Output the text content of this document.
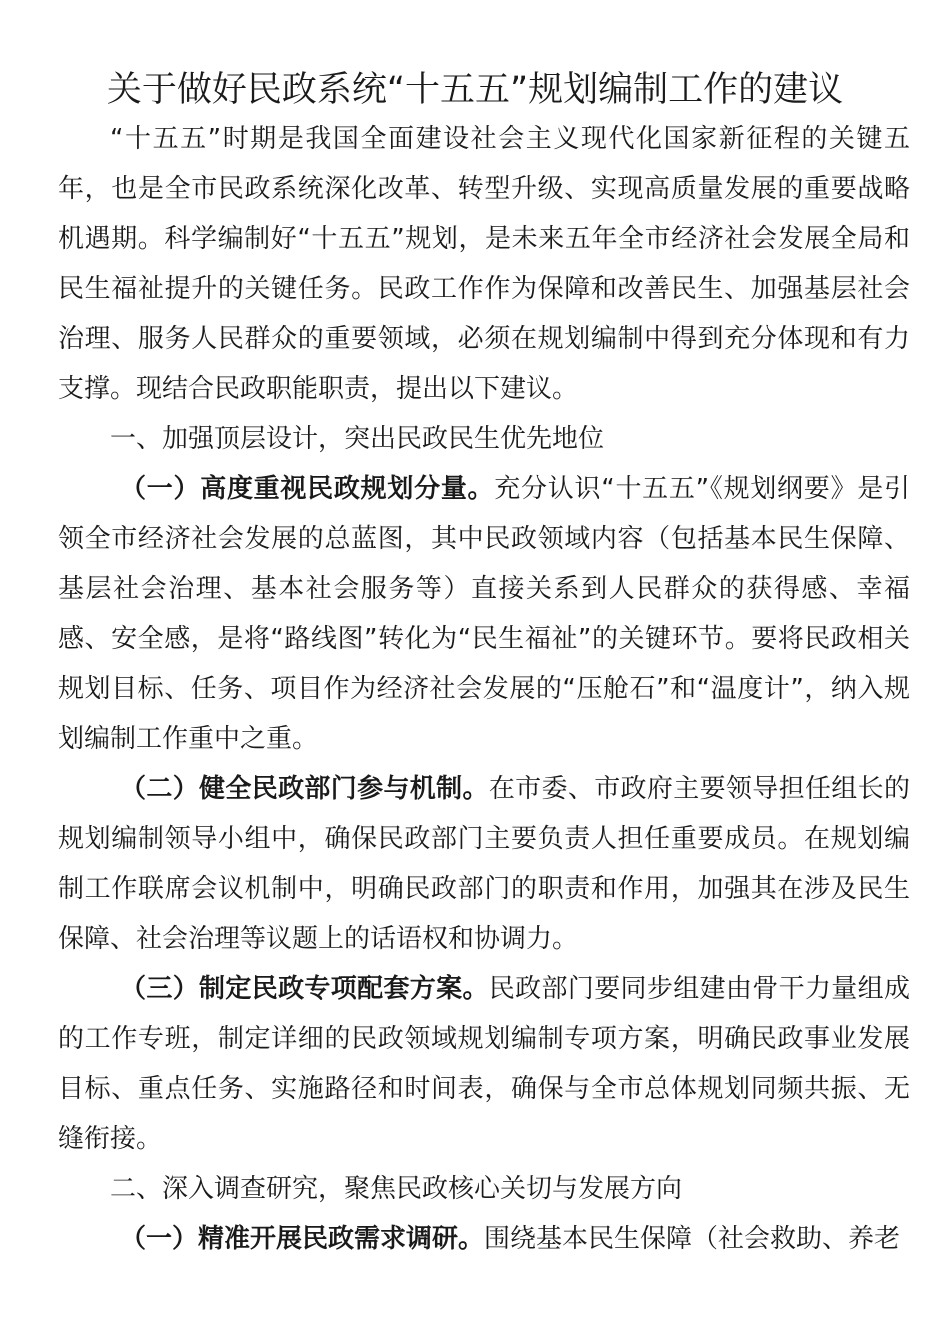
关于做好民政系统“十五五”规划编制工作的建议

“十五五”时期是我国全面建设社会主义现代化国家新征程的关键五年，也是全市民政系统深化改革、转型升级、实现高质量发展的重要战略机遇期。科学编制好“十五五”规划，是未来五年全市经济社会发展全局和民生福祉提升的关键任务。民政工作作为保障和改善民生、加强基层社会治理、服务人民群众的重要领域，必须在规划编制中得到充分体现和有力支撑。现结合民政职能职责，提出以下建议。

一、加强顶层设计，突出民政民生优先地位

（一）高度重视民政规划分量。充分认识“十五五”《规划纲要》是引领全市经济社会发展的总蓝图，其中民政领域内容（包括基本民生保障、基层社会治理、基本社会服务等）直接关系到人民群众的获得感、幸福感、安全感，是将“路线图”转化为“民生福祉”的关键环节。要将民政相关规划目标、任务、项目作为经济社会发展的“压舱石”和“温度计”，纳入规划编制工作重中之重。

（二）健全民政部门参与机制。在市委、市政府主要领导担任组长的规划编制领导小组中，确保民政部门主要负责人担任重要成员。在规划编制工作联席会议机制中，明确民政部门的职责和作用，加强其在涉及民生保障、社会治理等议题上的话语权和协调力。

（三）制定民政专项配套方案。民政部门要同步组建由骨干力量组成的工作专班，制定详细的民政领域规划编制专项方案，明确民政事业发展目标、重点任务、实施路径和时间表，确保与全市总体规划同频共振、无缝衔接。

二、深入调查研究，聚焦民政核心关切与发展方向

（一）精准开展民政需求调研。围绕基本民生保障（社会救助、养老
